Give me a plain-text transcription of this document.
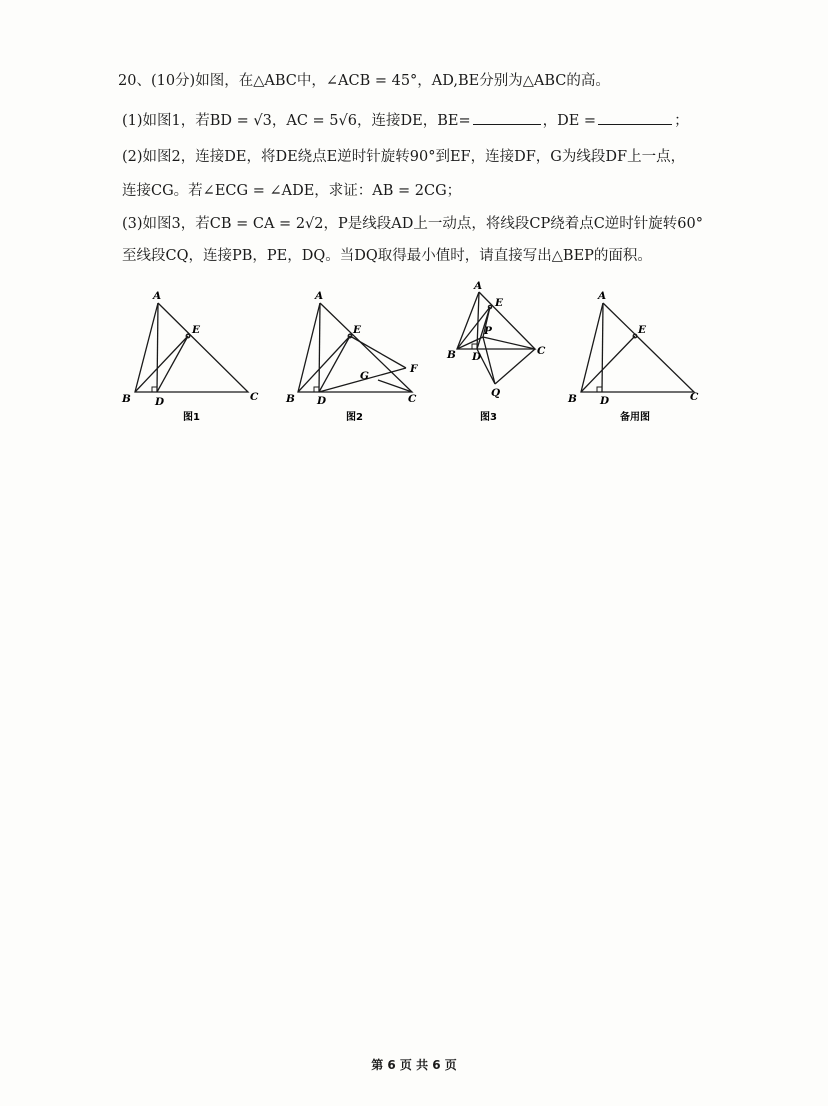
20、(10分)如图，在△ABC中，∠ACB = 45°，AD,BE分别为△ABC的高。
(1)如图1，若BD = √3，AC = 5√6，连接DE，BE=	，DE =	；
(2)如图2，连接DE，将DE绕点E逆时针旋转90°到EF，连接DF，G为线段DF上一点，
连接CG。若∠ECG = ∠ADE，求证：AB = 2CG；
(3)如图3，若CB = CA = 2√2，P是线段AD上一动点，将线段CP绕着点C逆时针旋转60°
至线段CQ，连接PB，PE，DQ。当DQ取得最小值时，请直接写出△BEP的面积。
A
B	C
D
E
图1
A
B	C
D
E
F
G
图2
A
B	C
D
E
P
Q
图3
A
B	C
D
E
备用图
第 6 页 共 6 页
